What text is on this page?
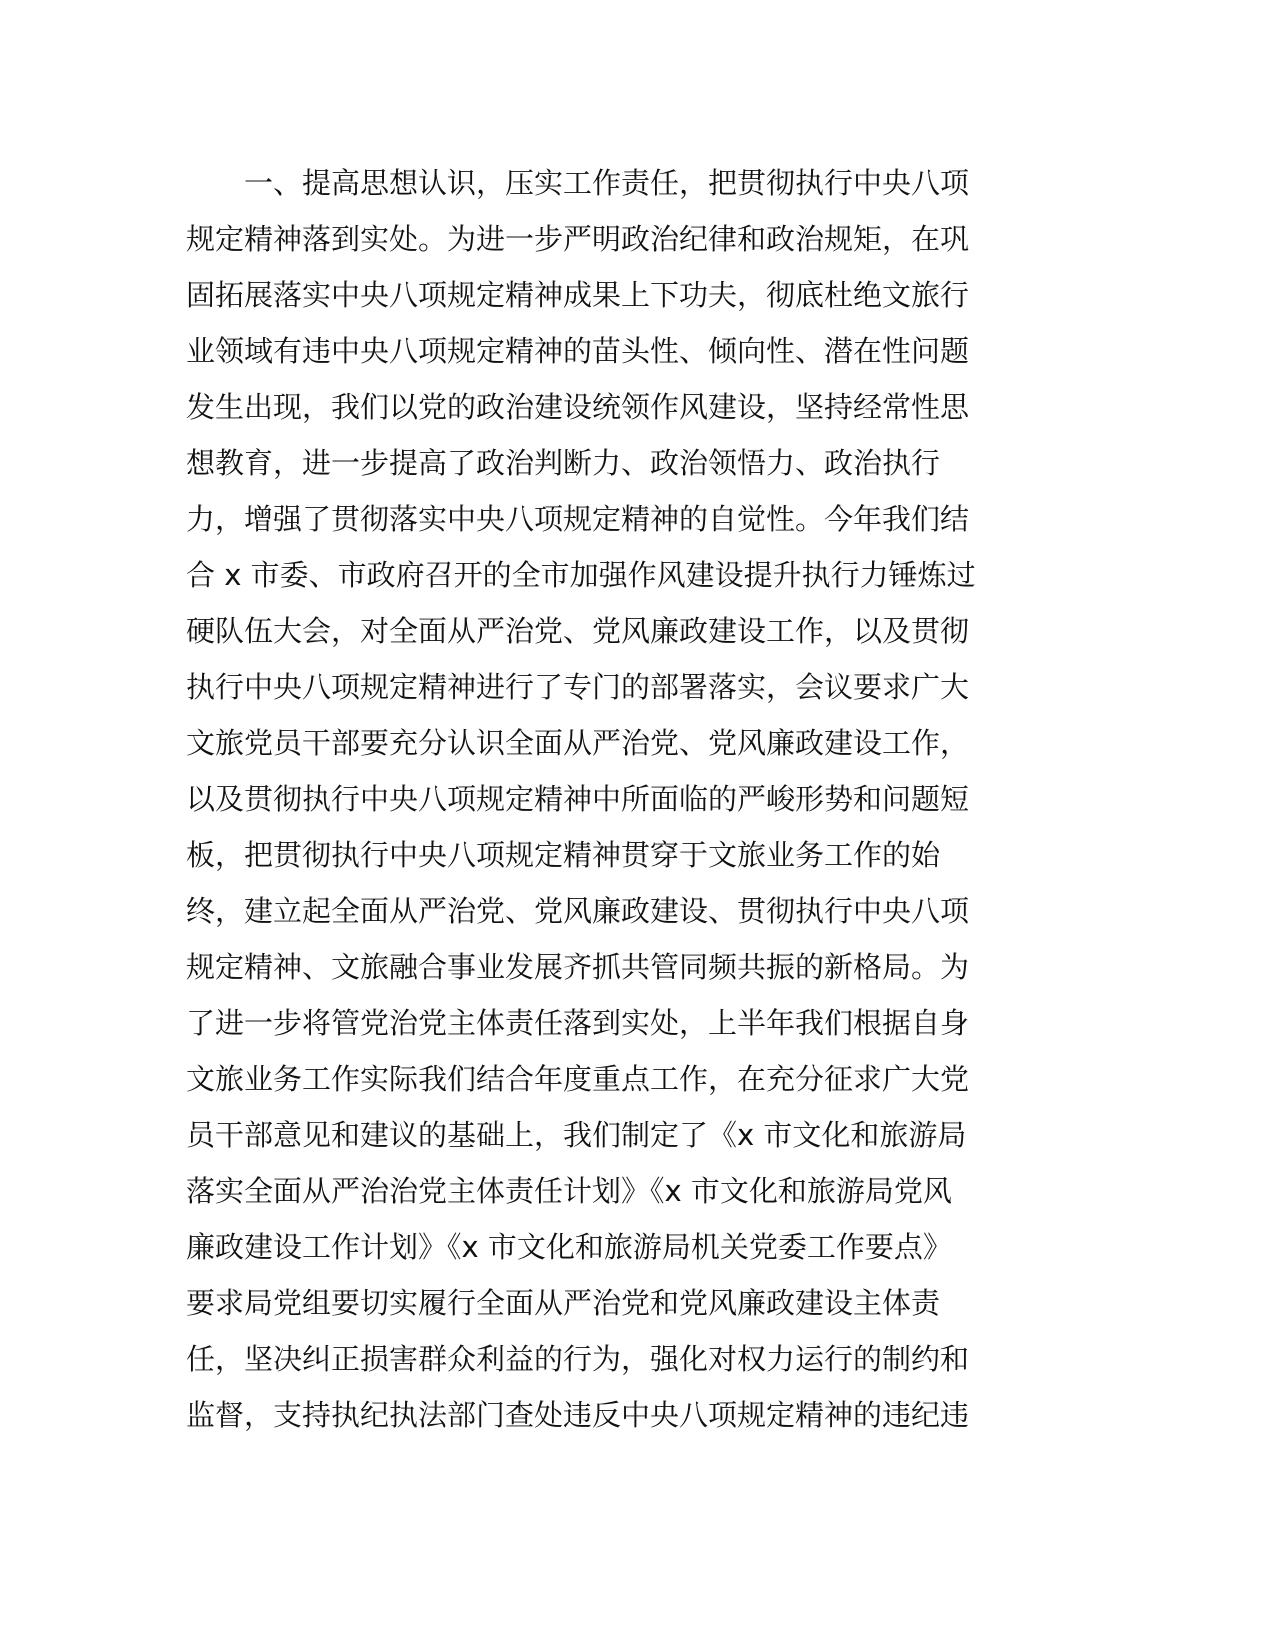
一、提高思想认识，压实工作责任，把贯彻执行中央八项
规定精神落到实处。为进一步严明政治纪律和政治规矩，在巩
固拓展落实中央八项规定精神成果上下功夫，彻底杜绝文旅行
业领域有违中央八项规定精神的苗头性、倾向性、潜在性问题
发生出现，我们以党的政治建设统领作风建设，坚持经常性思
想教育，进一步提高了政治判断力、政治领悟力、政治执行
力，增强了贯彻落实中央八项规定精神的自觉性。今年我们结
合 x 市委、市政府召开的全市加强作风建设提升执行力锤炼过
硬队伍大会，对全面从严治党、党风廉政建设工作，以及贯彻
执行中央八项规定精神进行了专门的部署落实，会议要求广大
文旅党员干部要充分认识全面从严治党、党风廉政建设工作，
以及贯彻执行中央八项规定精神中所面临的严峻形势和问题短
板，把贯彻执行中央八项规定精神贯穿于文旅业务工作的始
终，建立起全面从严治党、党风廉政建设、贯彻执行中央八项
规定精神、文旅融合事业发展齐抓共管同频共振的新格局。为
了进一步将管党治党主体责任落到实处，上半年我们根据自身
文旅业务工作实际我们结合年度重点工作，在充分征求广大党
员干部意见和建议的基础上，我们制定了《x 市文化和旅游局
落实全面从严治治党主体责任计划》《x 市文化和旅游局党风
廉政建设工作计划》《x 市文化和旅游局机关党委工作要点》
要求局党组要切实履行全面从严治党和党风廉政建设主体责
任，坚决纠正损害群众利益的行为，强化对权力运行的制约和
监督，支持执纪执法部门查处违反中央八项规定精神的违纪违
